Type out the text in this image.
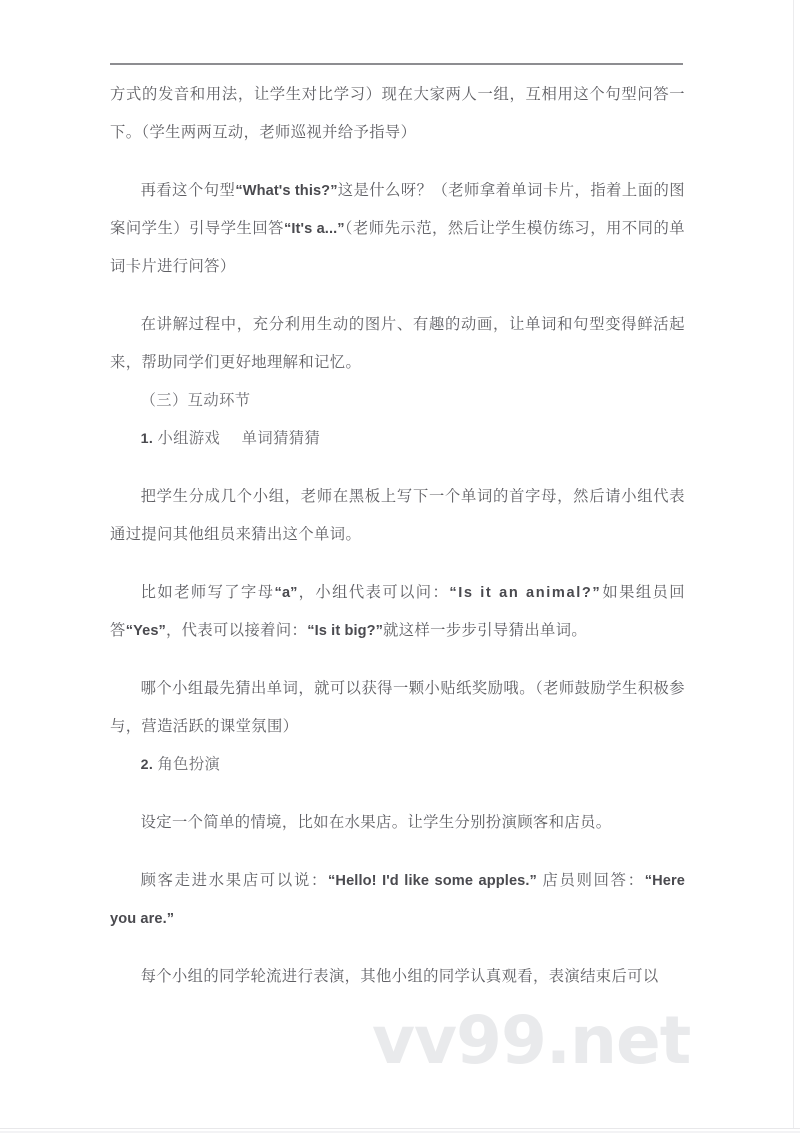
方式的发音和用法，让学生对比学习）现在大家两人一组，互相用这个句型问答一下。（学生两两互动，老师巡视并给予指导）

再看这个句型“What's this?”这是什么呀？（老师拿着单词卡片，指着上面的图案问学生）引导学生回答“It's a...”（老师先示范，然后让学生模仿练习，用不同的单词卡片进行问答）

在讲解过程中，充分利用生动的图片、有趣的动画，让单词和句型变得鲜活起来，帮助同学们更好地理解和记忆。

（三）互动环节

1. 小组游戏 单词猜猜猜

把学生分成几个小组，老师在黑板上写下一个单词的首字母，然后请小组代表通过提问其他组员来猜出这个单词。

比如老师写了字母“a”，小组代表可以问：“Is it an animal?”如果组员回答“Yes”，代表可以接着问：“Is it big?”就这样一步步引导猜出单词。

哪个小组最先猜出单词，就可以获得一颗小贴纸奖励哦。（老师鼓励学生积极参与，营造活跃的课堂氛围）

2. 角色扮演

设定一个简单的情境，比如在水果店。让学生分别扮演顾客和店员。

顾客走进水果店可以说：“Hello! I'd like some apples.” 店员则回答：“Here you are.”

每个小组的同学轮流进行表演，其他小组的同学认真观看，表演结束后可以

vv99.net
